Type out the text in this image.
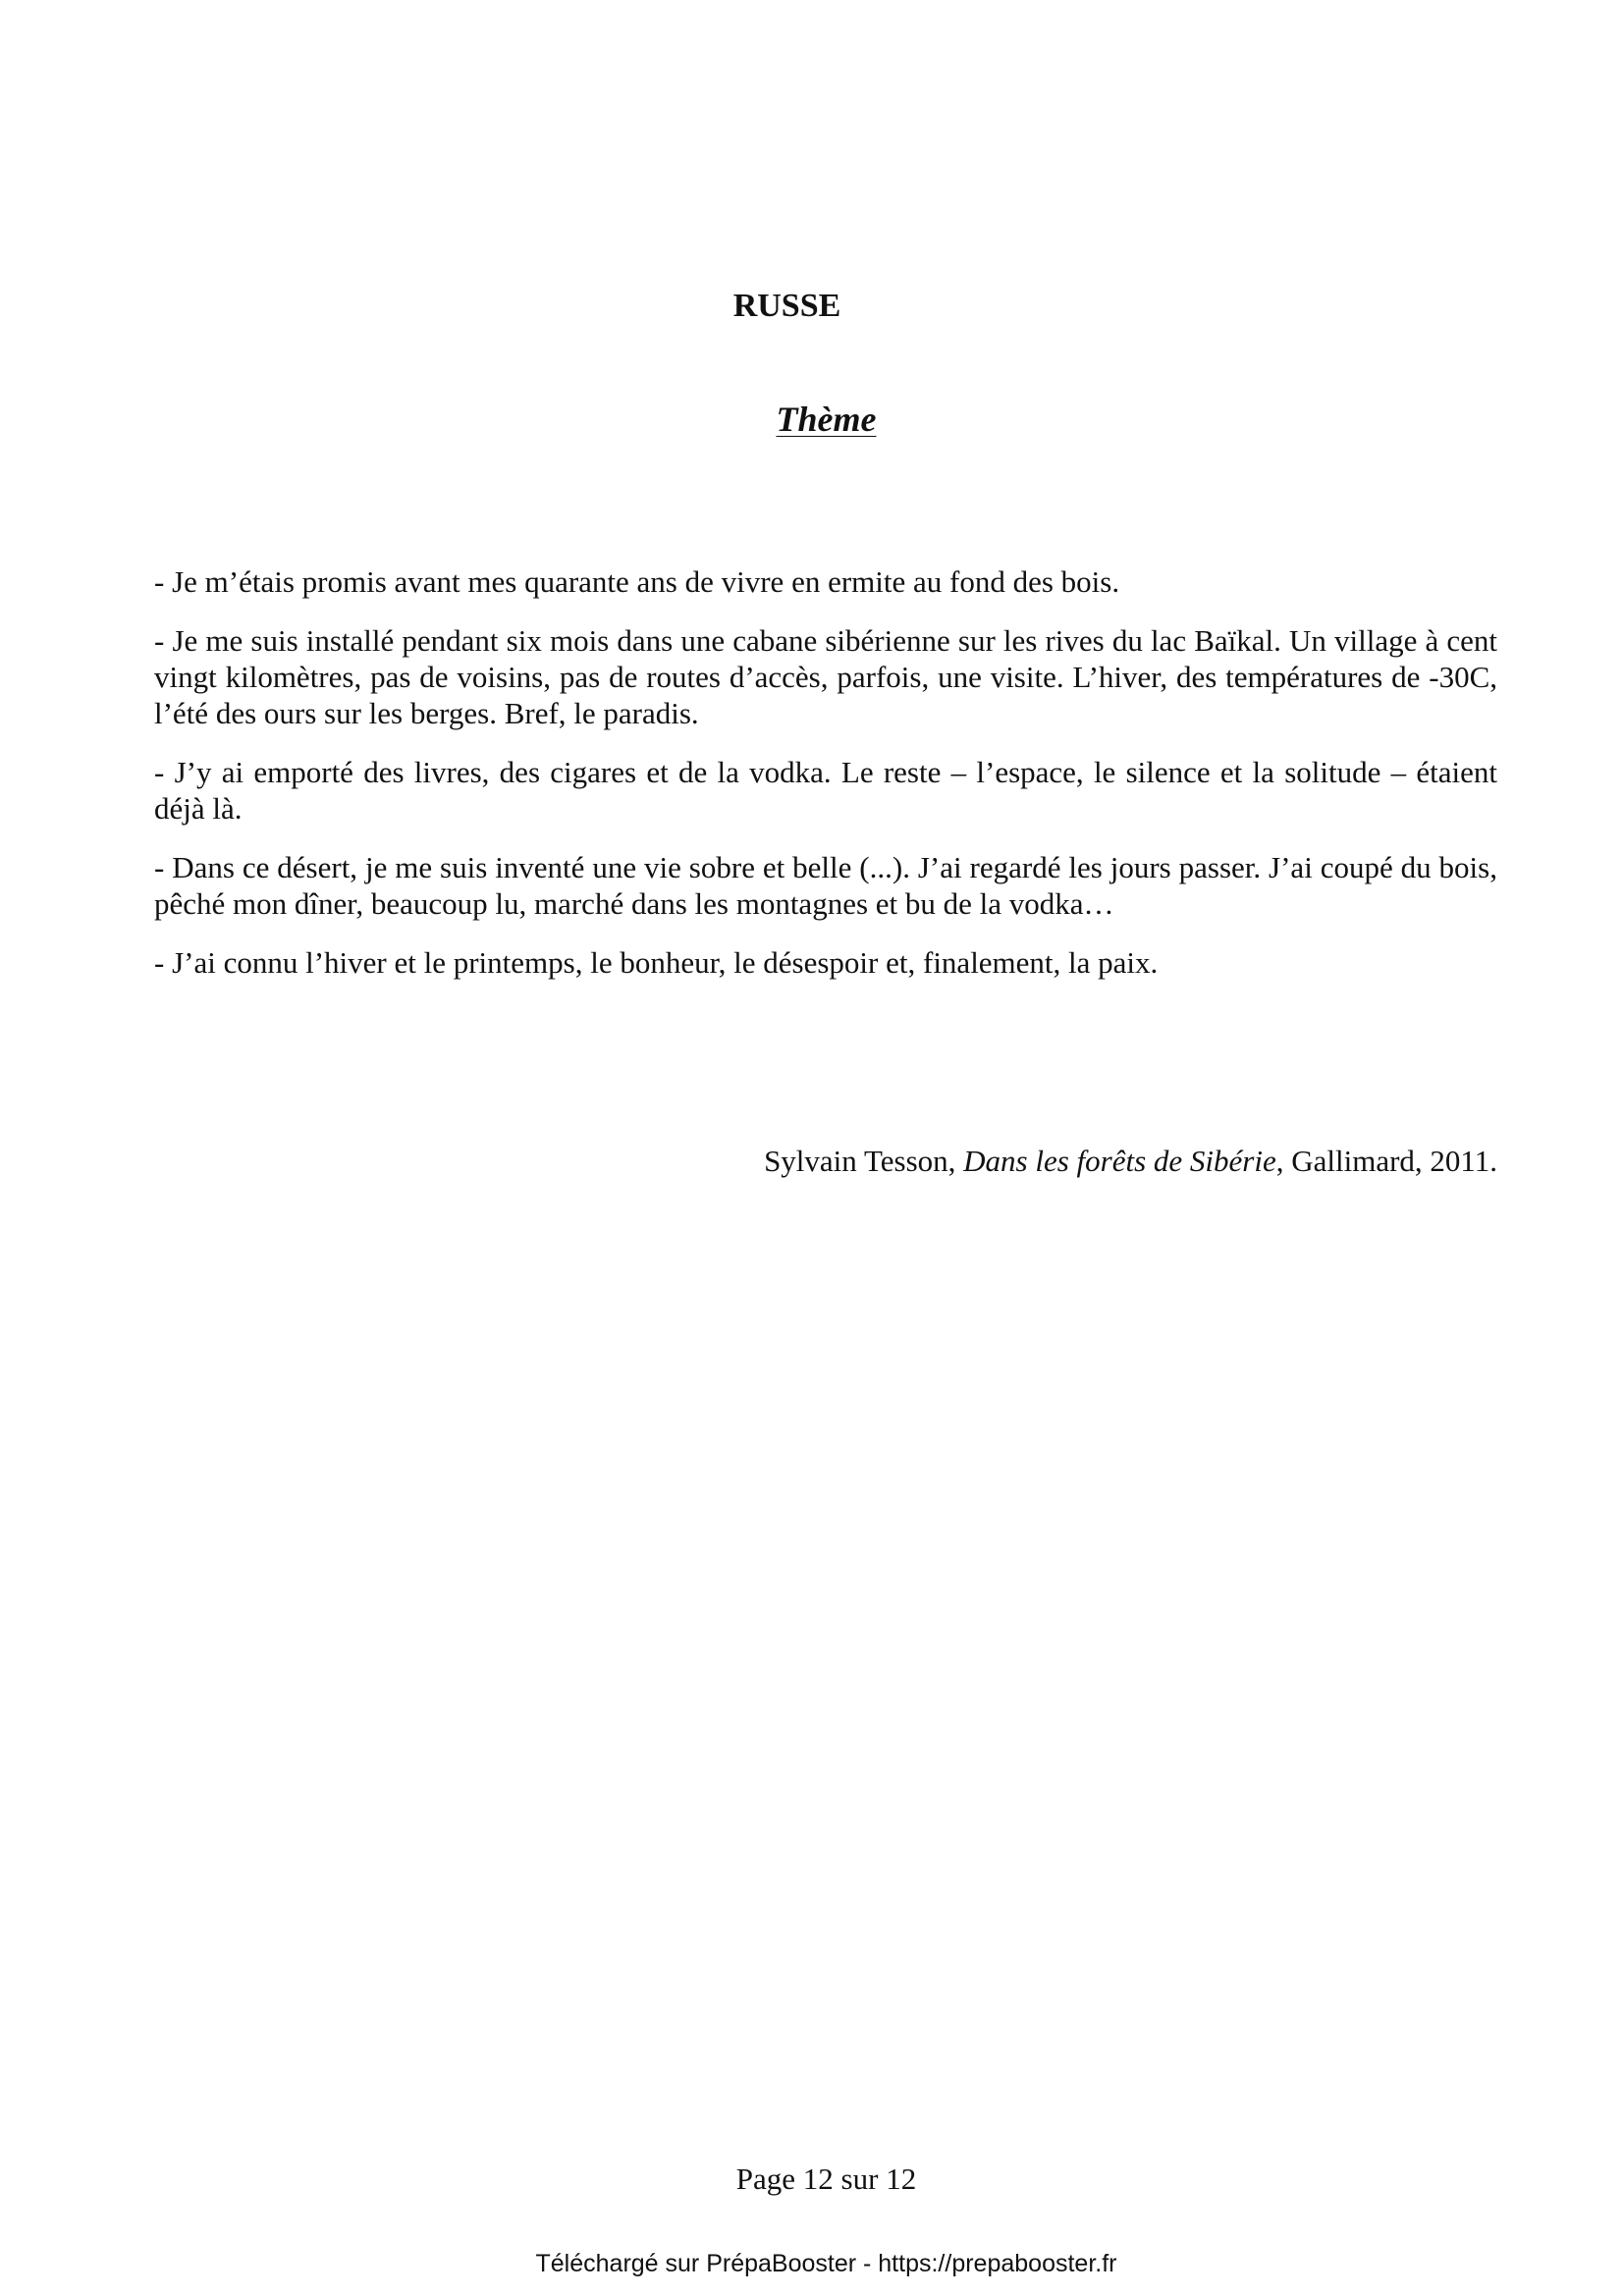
RUSSE
Thème

- Je m’étais promis avant mes quarante ans de vivre en ermite au fond des bois.

- Je me suis installé pendant six mois dans une cabane sibérienne sur les rives du lac Baïkal. Un village à cent vingt kilomètres, pas de voisins, pas de routes d’accès, parfois, une visite. L’hiver, des températures de -30C, l’été des ours sur les berges. Bref, le paradis.

- J’y ai emporté des livres, des cigares et de la vodka. Le reste – l’espace, le silence et la solitude – étaient déjà là.

- Dans ce désert, je me suis inventé une vie sobre et belle (...). J’ai regardé les jours passer. J’ai coupé du bois, pêché mon dîner, beaucoup lu, marché dans les montagnes et bu de la vodka…

- J’ai connu l’hiver et le printemps, le bonheur, le désespoir et, finalement, la paix.

Sylvain Tesson, Dans les forêts de Sibérie, Gallimard, 2011.
Page 12 sur 12
Téléchargé sur PrépaBooster - https://prepabooster.fr
